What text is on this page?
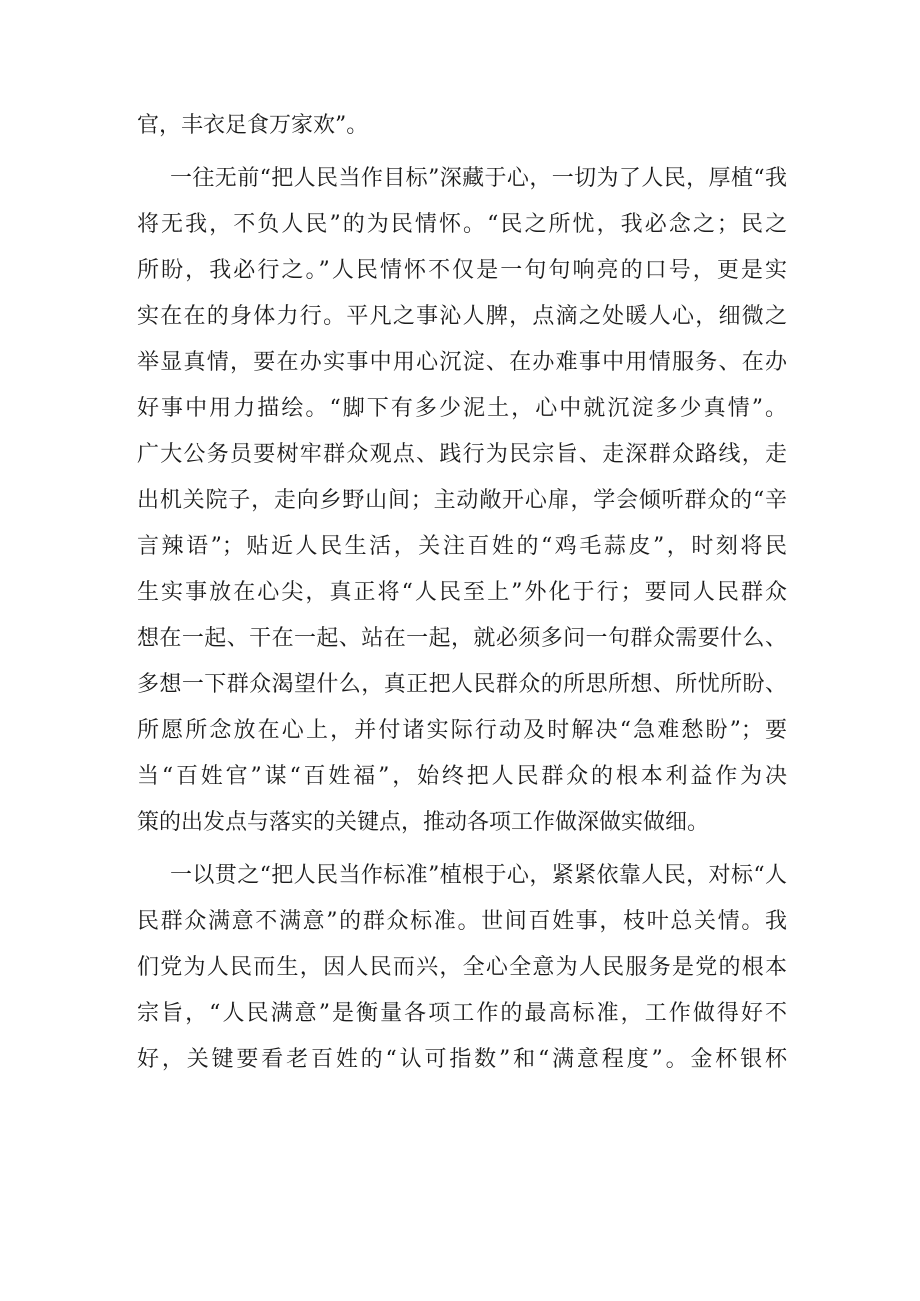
官，丰衣足食万家欢”。
一往无前“把人民当作目标”深藏于心，一切为了人民，厚植“我
将无我，不负人民”的为民情怀。“民之所忧，我必念之；民之
所盼，我必行之。”人民情怀不仅是一句句响亮的口号，更是实
实在在的身体力行。平凡之事沁人脾，点滴之处暖人心，细微之
举显真情，要在办实事中用心沉淀、在办难事中用情服务、在办
好事中用力描绘。“脚下有多少泥土，心中就沉淀多少真情”。
广大公务员要树牢群众观点、践行为民宗旨、走深群众路线，走
出机关院子，走向乡野山间；主动敞开心扉，学会倾听群众的“辛
言辣语”；贴近人民生活，关注百姓的“鸡毛蒜皮”，时刻将民
生实事放在心尖，真正将“人民至上”外化于行；要同人民群众
想在一起、干在一起、站在一起，就必须多问一句群众需要什么、
多想一下群众渴望什么，真正把人民群众的所思所想、所忧所盼、
所愿所念放在心上，并付诸实际行动及时解决“急难愁盼”；要
当“百姓官”谋“百姓福”，始终把人民群众的根本利益作为决
策的出发点与落实的关键点，推动各项工作做深做实做细。
一以贯之“把人民当作标准”植根于心，紧紧依靠人民，对标“人
民群众满意不满意”的群众标准。世间百姓事，枝叶总关情。我
们党为人民而生，因人民而兴，全心全意为人民服务是党的根本
宗旨，“人民满意”是衡量各项工作的最高标准，工作做得好不
好，关键要看老百姓的“认可指数”和“满意程度”。金杯银杯
